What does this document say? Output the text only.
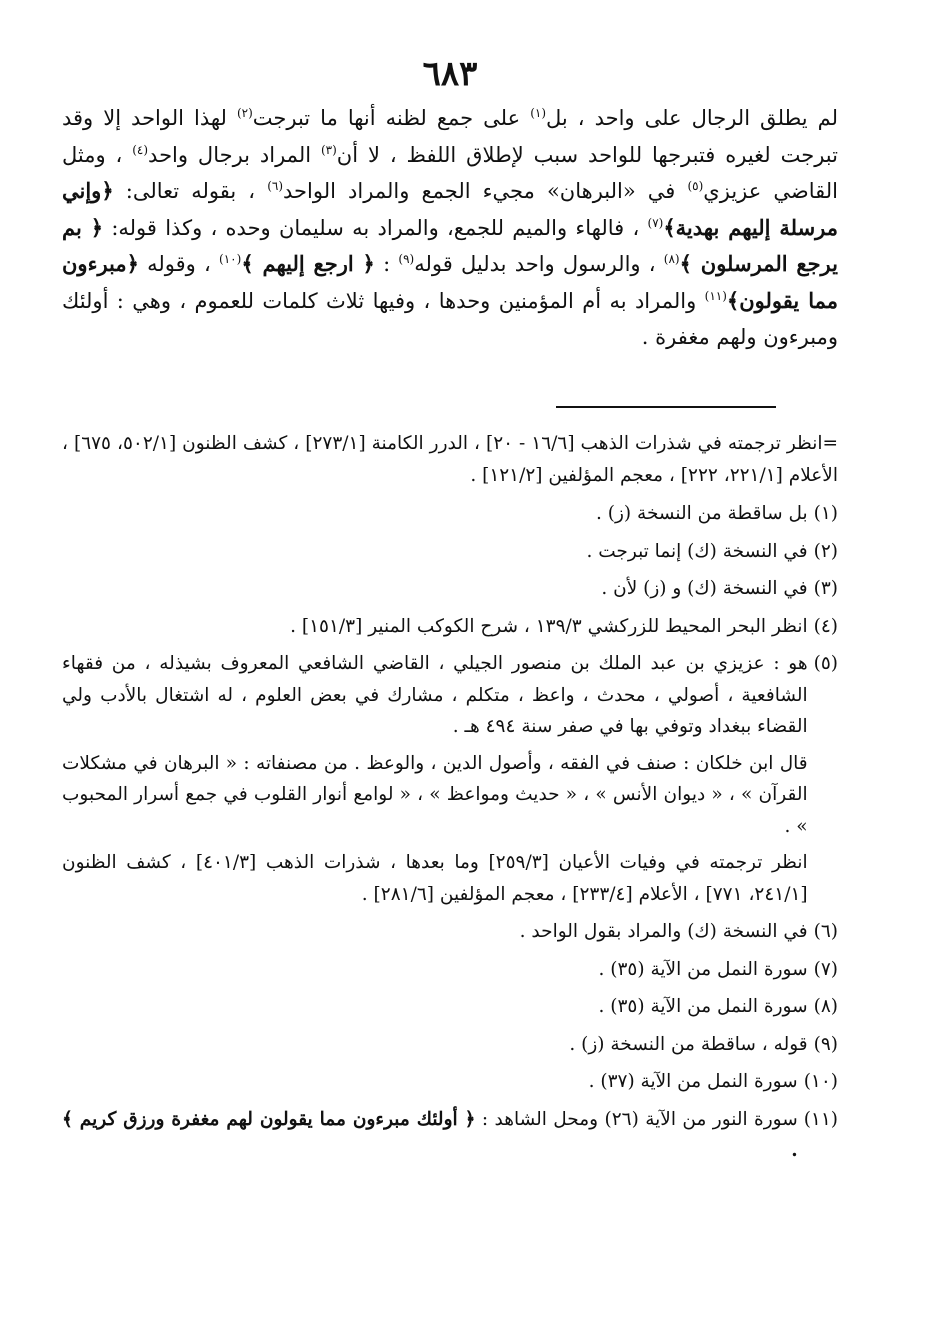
٦٨٣

لم يطلق الرجال على واحد ، بل$^{(١)}$ على جمع لظنه أنها ما تبرجت$^{(٢)}$ لهذا الواحد إلا وقد تبرجت لغيره فتبرجها للواحد سبب لإطلاق اللفظ ، لا أن$^{(٣)}$ المراد برجال واحد$^{(٤)}$ ، ومثل القاضي عزيزي$^{(٥)}$ في «البرهان» مجيء الجمع والمراد الواحد$^{(٦)}$ ، بقوله تعالى: ﴿وإني مرسلة إليهم بهدية﴾$^{(٧)}$ ، فالهاء والميم للجمع، والمراد به سليمان وحده ، وكذا قوله: ﴿ بم يرجع المرسلون ﴾$^{(٨)}$ ، والرسول واحد بدليل قوله$^{(٩)}$ : ﴿ ارجع إليهم ﴾$^{(١٠)}$ ، وقوله ﴿مبرءون مما يقولون﴾$^{(١١)}$ والمراد به أم المؤمنين وحدها ، وفيها ثلاث كلمات للعموم ، وهي : أولئك ومبرءون ولهم مغفرة .

=انظر ترجمته في شذرات الذهب [١٦/٦ - ٢٠] ، الدرر الكامنة [٢٧٣/١] ، كشف الظنون [٥٠٢/١، ٦٧٥] ، الأعلام [٢٢١/١، ٢٢٢] ، معجم المؤلفين [١٢١/٢] .

(١)
بل ساقطة من النسخة (ز) .
(٢)
في النسخة (ك) إنما تبرجت .
(٣)
في النسخة (ك) و (ز) لأن .
(٤)
انظر البحر المحيط للزركشي ١٣٩/٣ ، شرح الكوكب المنير [١٥١/٣] .
(٥)
هو : عزيزي بن عبد الملك بن منصور الجيلي ، القاضي الشافعي المعروف بشيذله ، من فقهاء الشافعية ، أصولي ، محدث ، واعظ ، متكلم ، مشارك في بعض العلوم ، له اشتغال بالأدب ولي القضاء ببغداد وتوفي بها في صفر سنة ٤٩٤ هـ .
قال ابن خلكان : صنف في الفقه ، وأصول الدين ، والوعظ . من مصنفاته : « البرهان في مشكلات القرآن » ، « ديوان الأنس » ، « حديث ومواعظ » ، « لوامع أنوار القلوب في جمع أسرار المحبوب » .
انظر ترجمته في وفيات الأعيان [٢٥٩/٣] وما بعدها ، شذرات الذهب [٤٠١/٣] ، كشف الظنون [٢٤١/١، ٧٧١] ، الأعلام [٢٣٣/٤] ، معجم المؤلفين [٢٨١/٦] .
(٦)
في النسخة (ك) والمراد بقول الواحد .
(٧)
سورة النمل من الآية (٣٥) .
(٨)
سورة النمل من الآية (٣٥) .
(٩)
قوله ، ساقطة من النسخة (ز) .
(١٠)
سورة النمل من الآية (٣٧) .
(١١)
سورة النور من الآية (٢٦) ومحل الشاهد : ﴿ أولئك مبرءون مما يقولون لهم مغفرة ورزق كريم ﴾ .
